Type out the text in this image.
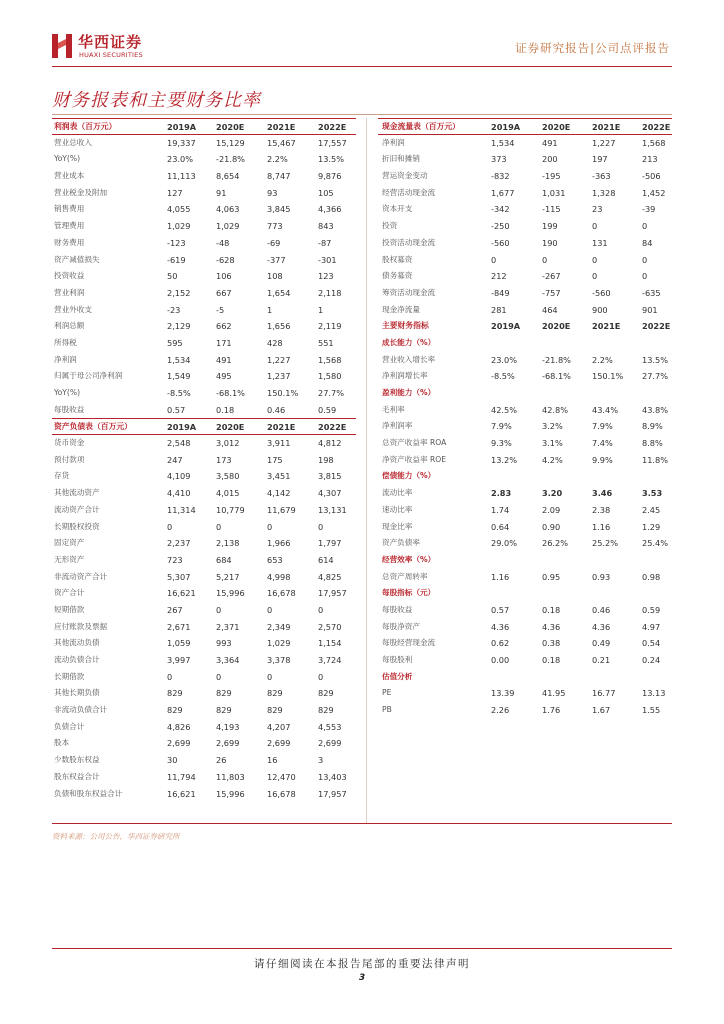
华西证券
HUAXI SECURITIES	证券研究报告|公司点评报告
财务报表和主要财务比率
利润表（百万元）	2019A 2020E	2021E	2022E
营业总收入	19,337 15,129	15,467	17,557
YoY(%)	23.0%	-21.8%	2.2%	13.5%
营业成本	11,113 8,654	8,747	9,876
营业税金及附加	127	91	93	105
销售费用	4,055	4,063	3,845	4,366
管理费用	1,029	1,029	773	843
财务费用	-123	-48	-69	-87
资产减值损失	-619	-628	-377	-301
投资收益	50	106	108	123
营业利润	2,152	667	1,654	2,118
营业外收支	-23	-5	1	1
利润总额	2,129	662	1,656	2,119
所得税	595	171	428	551
净利润	1,534	491	1,227	1,568
归属于母公司净利润	1,549	495	1,237	1,580
YoY(%)	-8.5%	-68.1%	150.1% 27.7%
每股收益	0.57	0.18	0.46	0.59
资产负债表（百万元）	2019A 2020E	2021E	2022E
货币资金	2,548	3,012	3,911	4,812
预付款项	247	173	175	198
存货	4,109	3,580	3,451	3,815
其他流动资产	4,410	4,015	4,142	4,307
流动资产合计	11,314 10,779	11,679	13,131
长期股权投资	0	0	0	0
固定资产	2,237	2,138	1,966	1,797
无形资产	723	684	653	614
非流动资产合计	5,307	5,217	4,998	4,825
资产合计	16,621 15,996	16,678	17,957
短期借款	267	0	0	0
应付账款及票据	2,671	2,371	2,349	2,570
其他流动负债	1,059	993	1,029	1,154
流动负债合计	3,997	3,364	3,378	3,724
长期借款	0	0	0	0
其他长期负债	829	829	829	829
非流动负债合计	829	829	829	829
负债合计	4,826	4,193	4,207	4,553
股本	2,699	2,699	2,699	2,699
少数股东权益	30	26	16	3
股东权益合计	11,794 11,803	12,470	13,403
负债和股东权益合计	16,621 15,996	16,678	17,957
现金流量表（百万元）	2019A	2020E	2021E	2022E
净利润	1,534	491	1,227	1,568
折旧和摊销	373	200	197	213
营运资金变动	-832	-195	-363	-506
经营活动现金流	1,677	1,031	1,328	1,452
资本开支	-342	-115	23	-39
投资	-250	199	0	0
投资活动现金流	-560	190	131	84
股权募资	0	0	0	0
债务募资	212	-267	0	0
筹资活动现金流	-849	-757	-560	-635
现金净流量	281	464	900	901
主要财务指标	2019A	2020E	2021E	2022E
成长能力（%）
营业收入增长率	23.0%	-21.8%	2.2%	13.5%
净利润增长率	-8.5%	-68.1%	150.1% 27.7%
盈利能力（%）
毛利率	42.5%	42.8%	43.4%	43.8%
净利润率	7.9%	3.2%	7.9%	8.9%
总资产收益率 ROA	9.3%	3.1%	7.4%	8.8%
净资产收益率 ROE	13.2%	4.2%	9.9%	11.8%
偿债能力（%）
流动比率	2.83	3.20	3.46	3.53
速动比率	1.74	2.09	2.38	2.45
现金比率	0.64	0.90	1.16	1.29
资产负债率	29.0%	26.2%	25.2%	25.4%
经营效率（%）
总资产周转率	1.16	0.95	0.93	0.98
每股指标（元）
每股收益	0.57	0.18	0.46	0.59
每股净资产	4.36	4.36	4.36	4.97
每股经营现金流	0.62	0.38	0.49	0.54
每股股利	0.00	0.18	0.21	0.24
估值分析
PE	13.39	41.95	16.77	13.13
PB	2.26	1.76	1.67	1.55
资料来源：公司公告，华西证券研究所
请仔细阅读在本报告尾部的重要法律声明
3
